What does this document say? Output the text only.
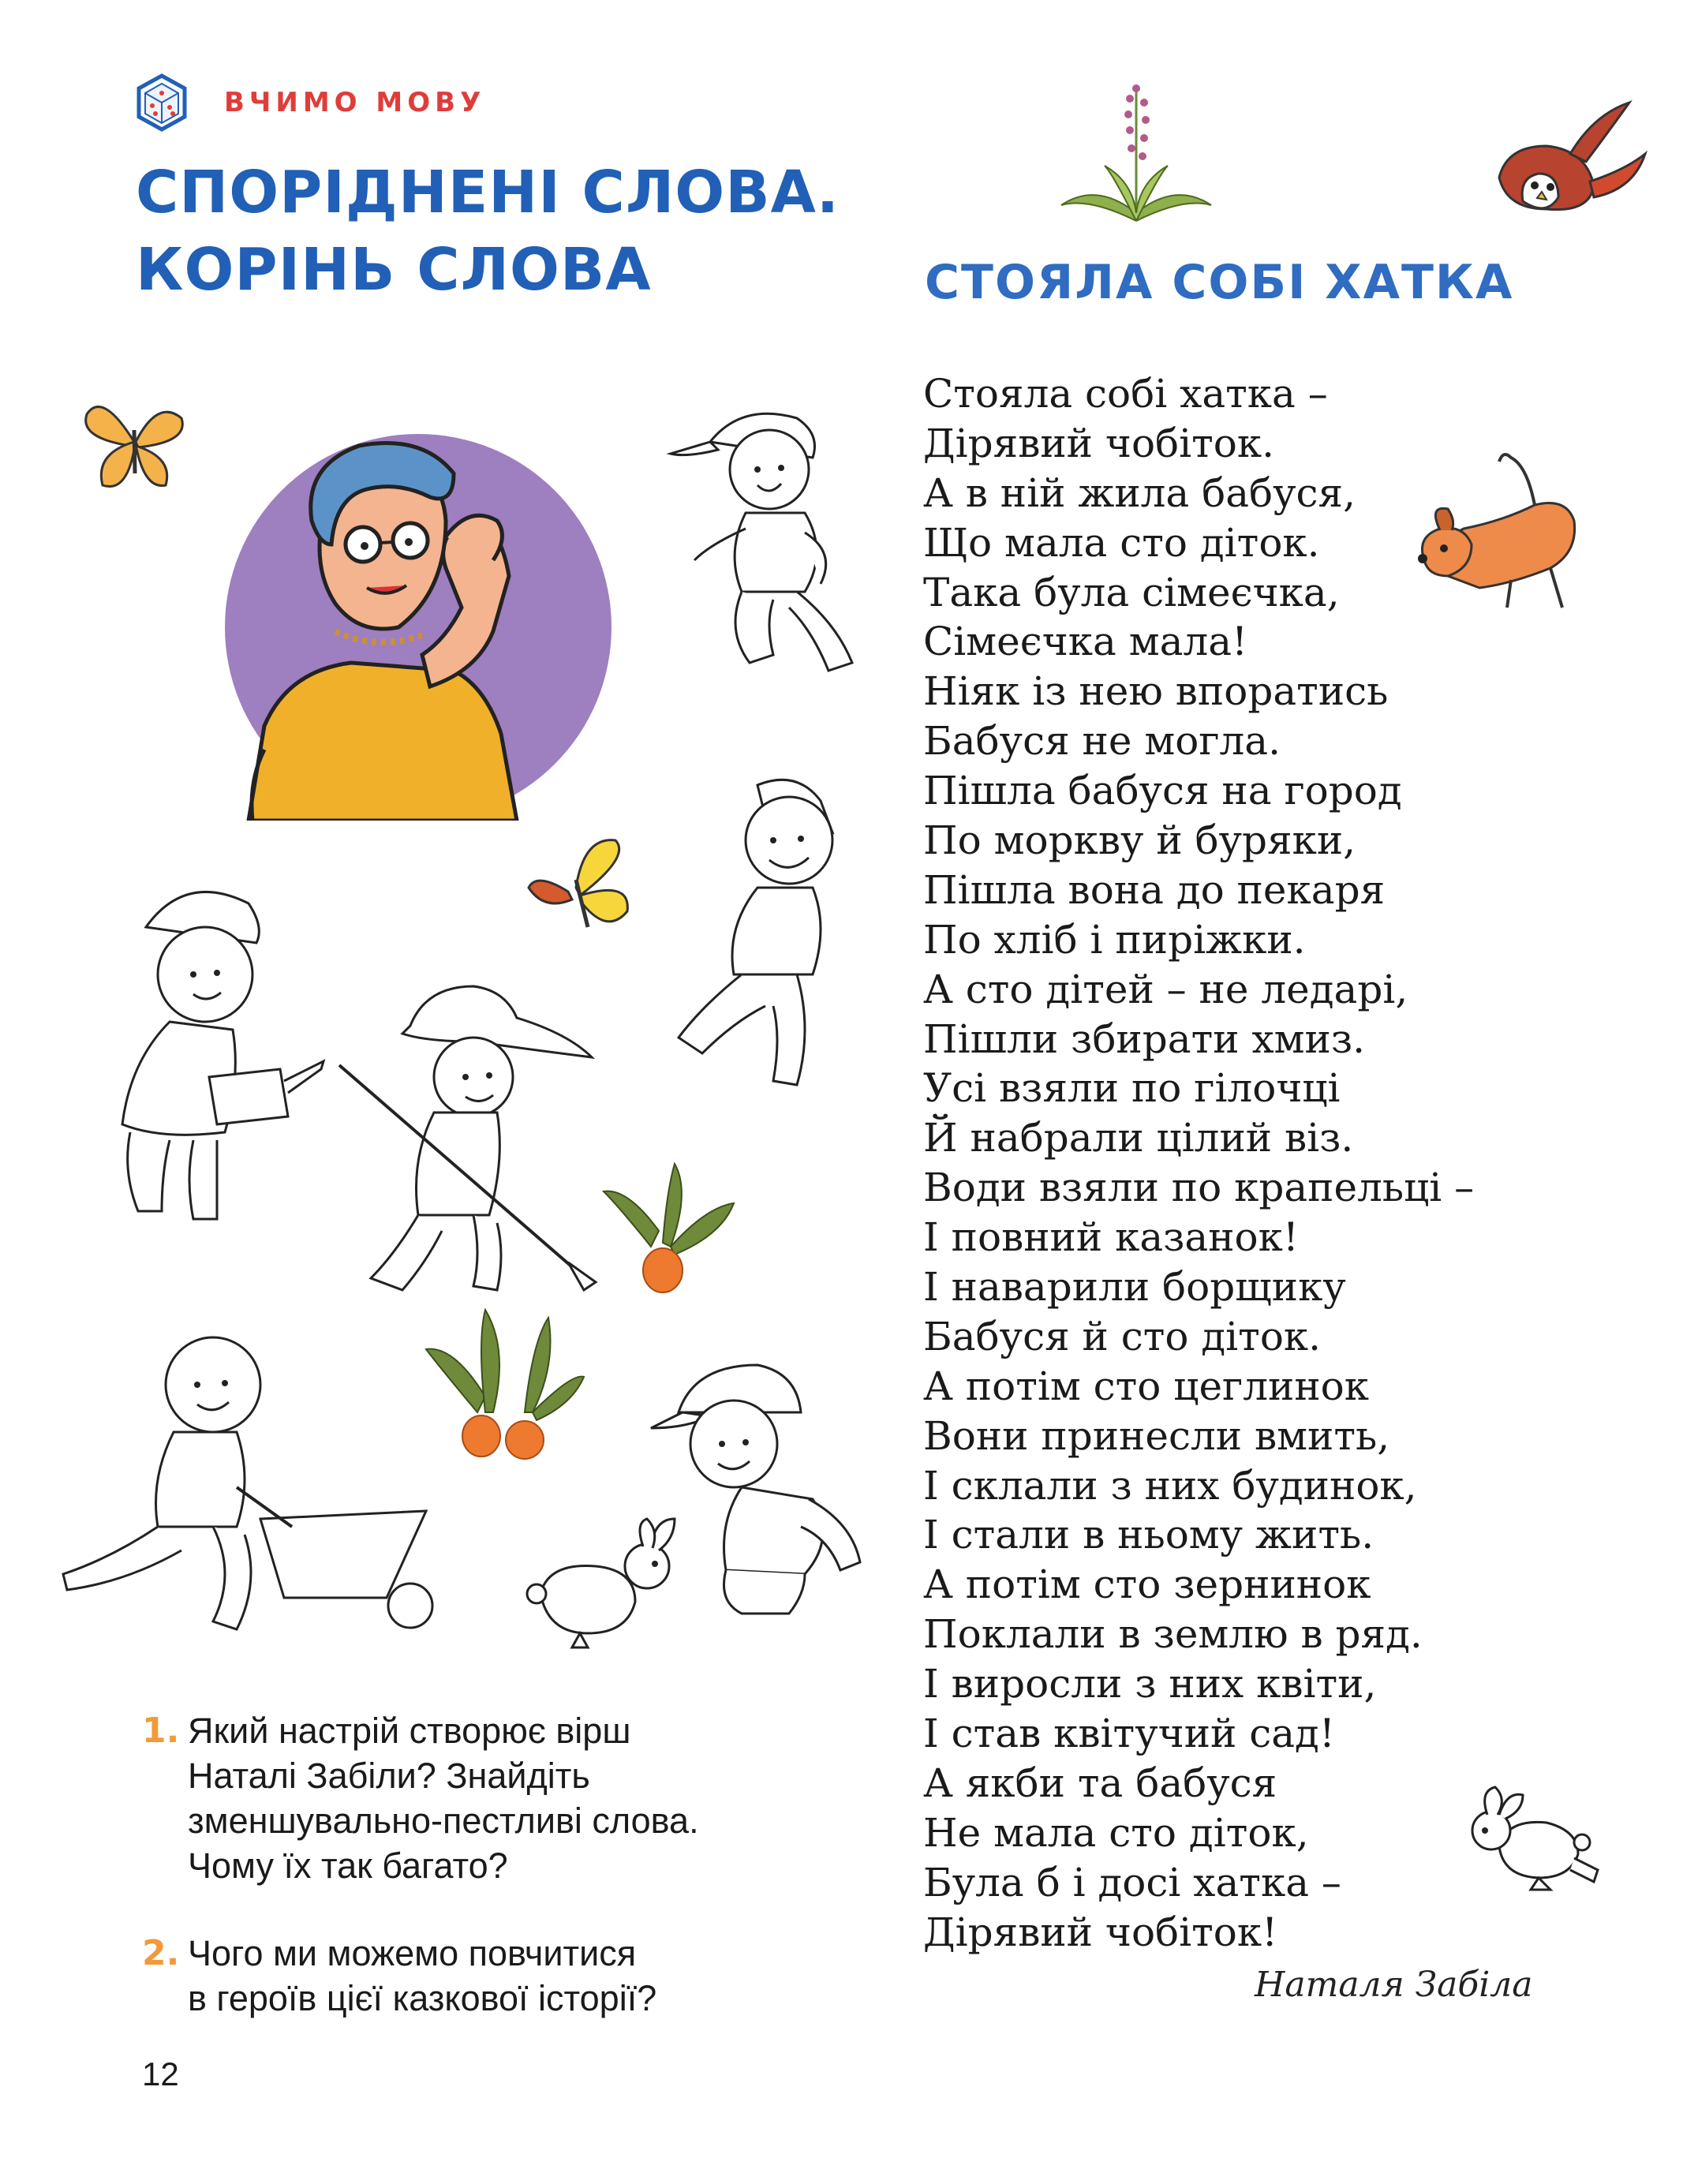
ВЧИМО МОВУ
СПОРІДНЕНІ СЛОВА.
КОРІНЬ СЛОВА	СТОЯЛА СОБІ ХАТКА
Стояла собі хатка –
Дірявий чобіток.
А в ній жила бабуся,
Що мала сто діток.
Така була сімеєчка,
Сімеєчка мала!
Ніяк із нею впоратись
Бабуся не могла.
Пішла бабуся на город
По моркву й буряки,
Пішла вона до пекаря
По хліб і пиріжки.
А сто дітей – не ледарі,
Пішли збирати хмиз.
Усі взяли по гілочці
Й набрали цілий віз.
Води взяли по крапельці –
І повний казанок!
І наварили борщику
Бабуся й сто діток.
А потім сто цеглинок
Вони принесли вмить,
І склали з них будинок,
І стали в ньому жить.
А потім сто зернинок
Поклали в землю в ряд.
І виросли з них квіти,
І став квітучий сад!
А якби та бабуся
Не мала сто діток,
Була б і досі хатка –
Дірявий чобіток!
Наталя Забіла
1. Який настрій створює вірш
Наталі Забіли? Знайдіть
зменшувально-пестливі слова.
Чому їх так багато?
2. Чого ми можемо повчитися
в героїв цієї казкової історії?
12
